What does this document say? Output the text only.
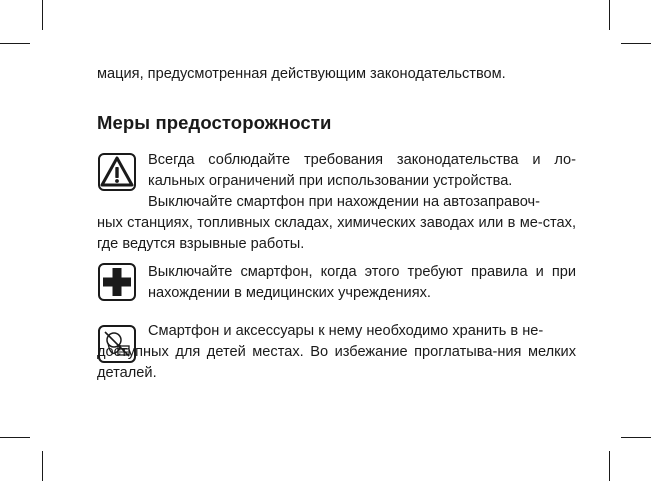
мация, предусмотренная действующим законодательством.

Меры предосторожности

Всегда соблюдайте требования законодательства и ло-кальных ограничений при использовании устройства.

Выключайте смартфон при нахождении на автозаправоч-

ных станциях, топливных складах, химических заводах или в ме-стах, где ведутся взрывные работы.

Выключайте смартфон, когда этого требуют правила и при нахождении в медицинских учреждениях.

Смартфон и аксессуары к нему необходимо хранить в не-

доступных для детей местах. Во избежание проглатыва-ния мелких деталей.
